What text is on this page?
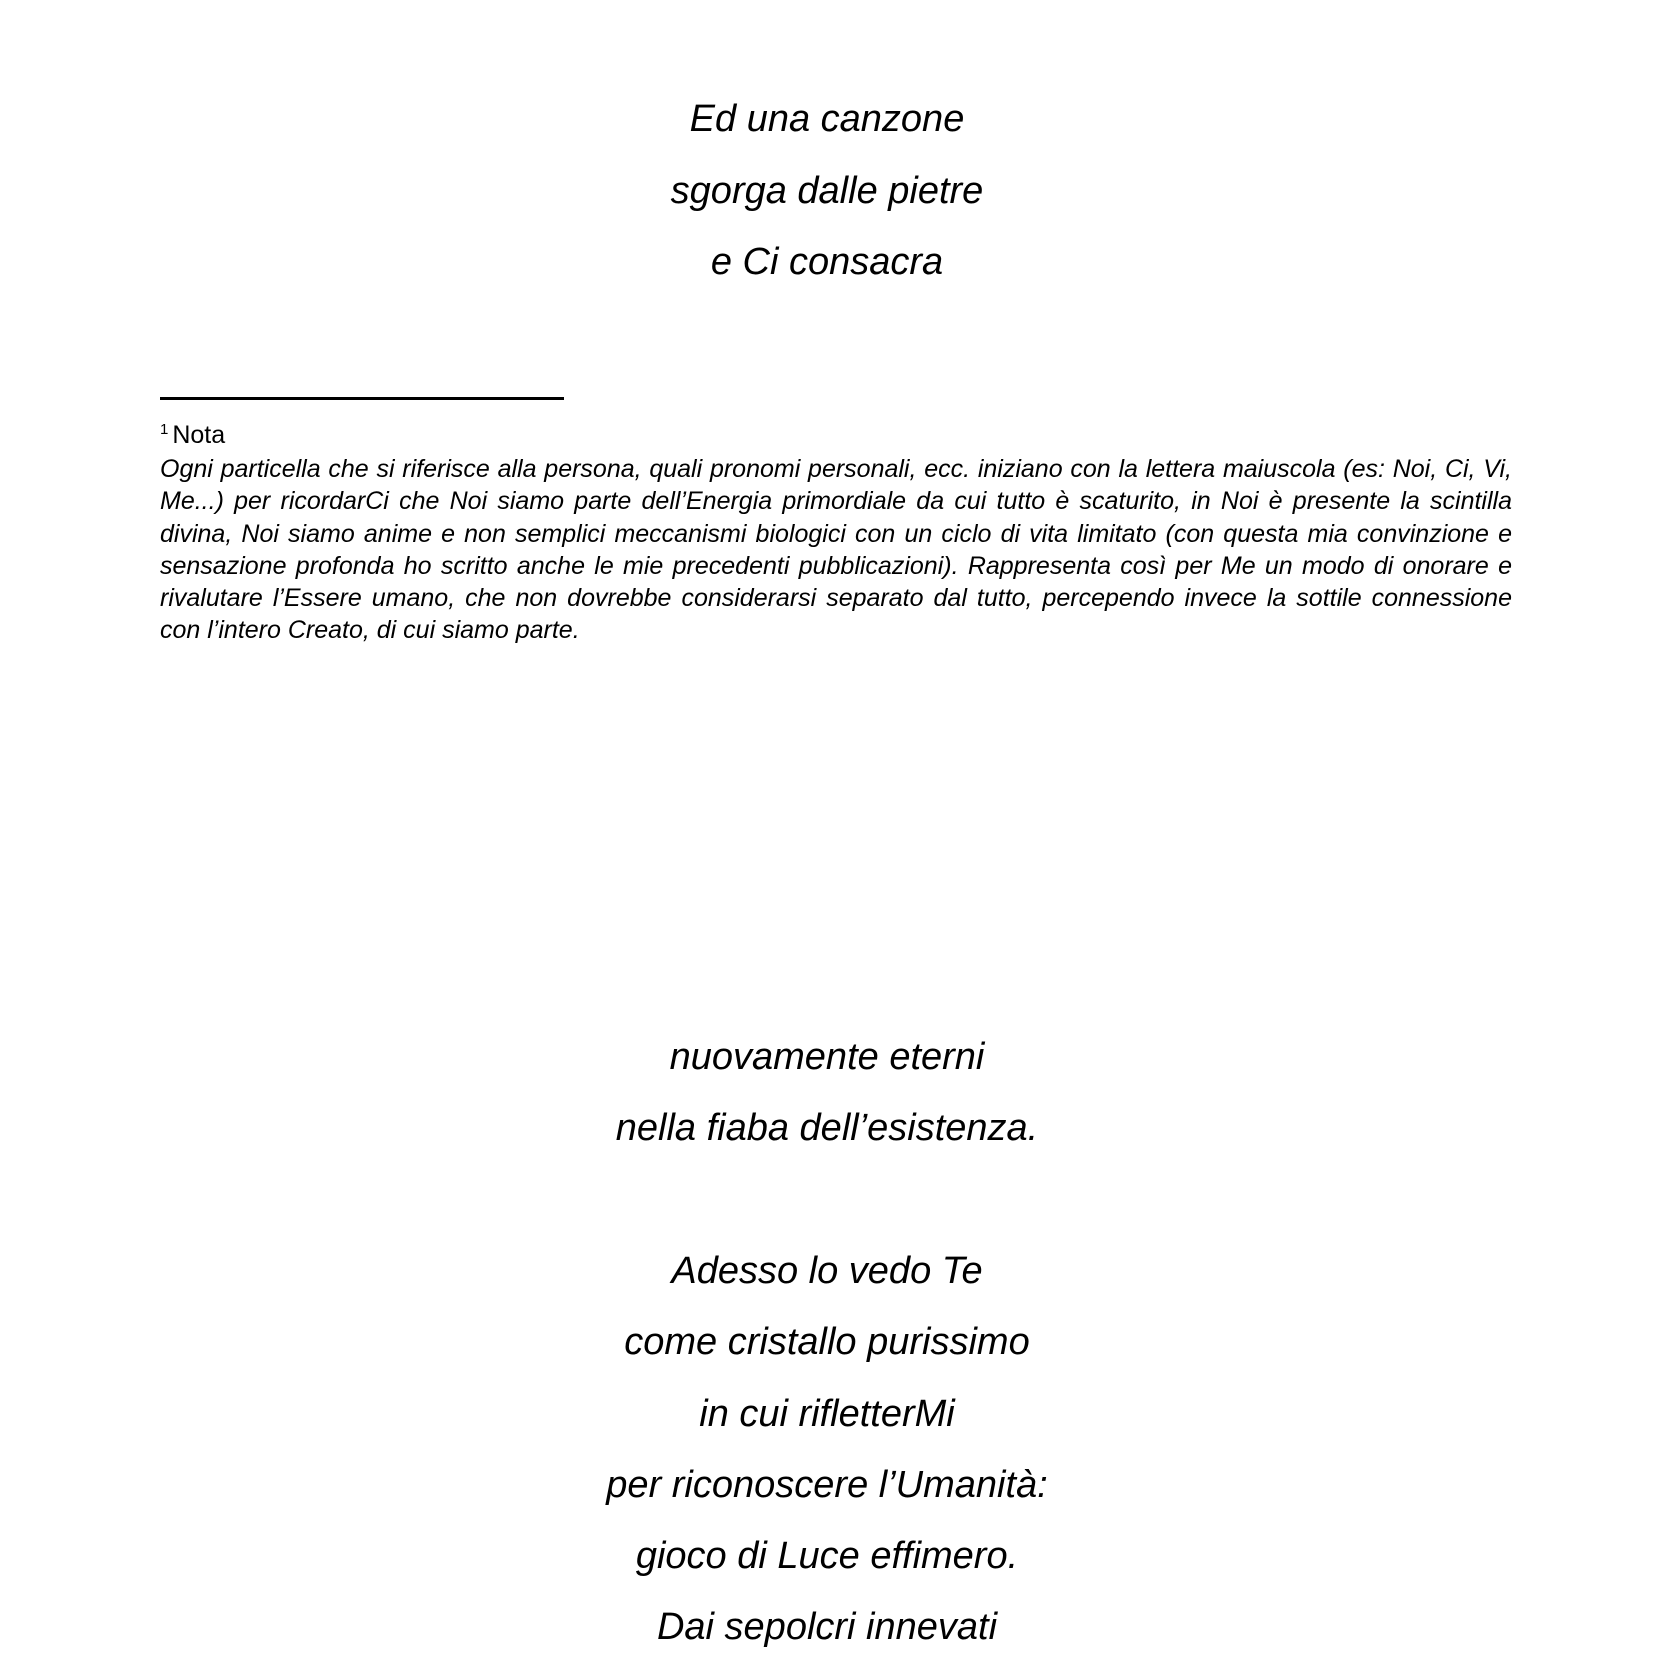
Ed una canzone
sgorga dalle pietre
e Ci consacra

$^1$ Nota

Ogni particella che si riferisce alla persona, quali pronomi personali, ecc. iniziano con la lettera maiuscola (es: Noi, Ci, Vi, Me...) per ricordarCi che Noi siamo parte dell’Energia primordiale da cui tutto è scaturito, in Noi è presente la scintilla divina, Noi siamo anime e non semplici meccanismi biologici con un ciclo di vita limitato (con questa mia convinzione e sensazione profonda ho scritto anche le mie precedenti pubblicazioni). Rappresenta così per Me un modo di onorare e rivalutare l’Essere umano, che non dovrebbe considerarsi separato dal tutto, percependo invece la sottile connessione con l’intero Creato, di cui siamo parte.

nuovamente eterni
nella fiaba dell’esistenza.
Adesso lo vedo Te
come cristallo purissimo
in cui rifletterMi
per riconoscere l’Umanità:
gioco di Luce effimero.
Dai sepolcri innevati
